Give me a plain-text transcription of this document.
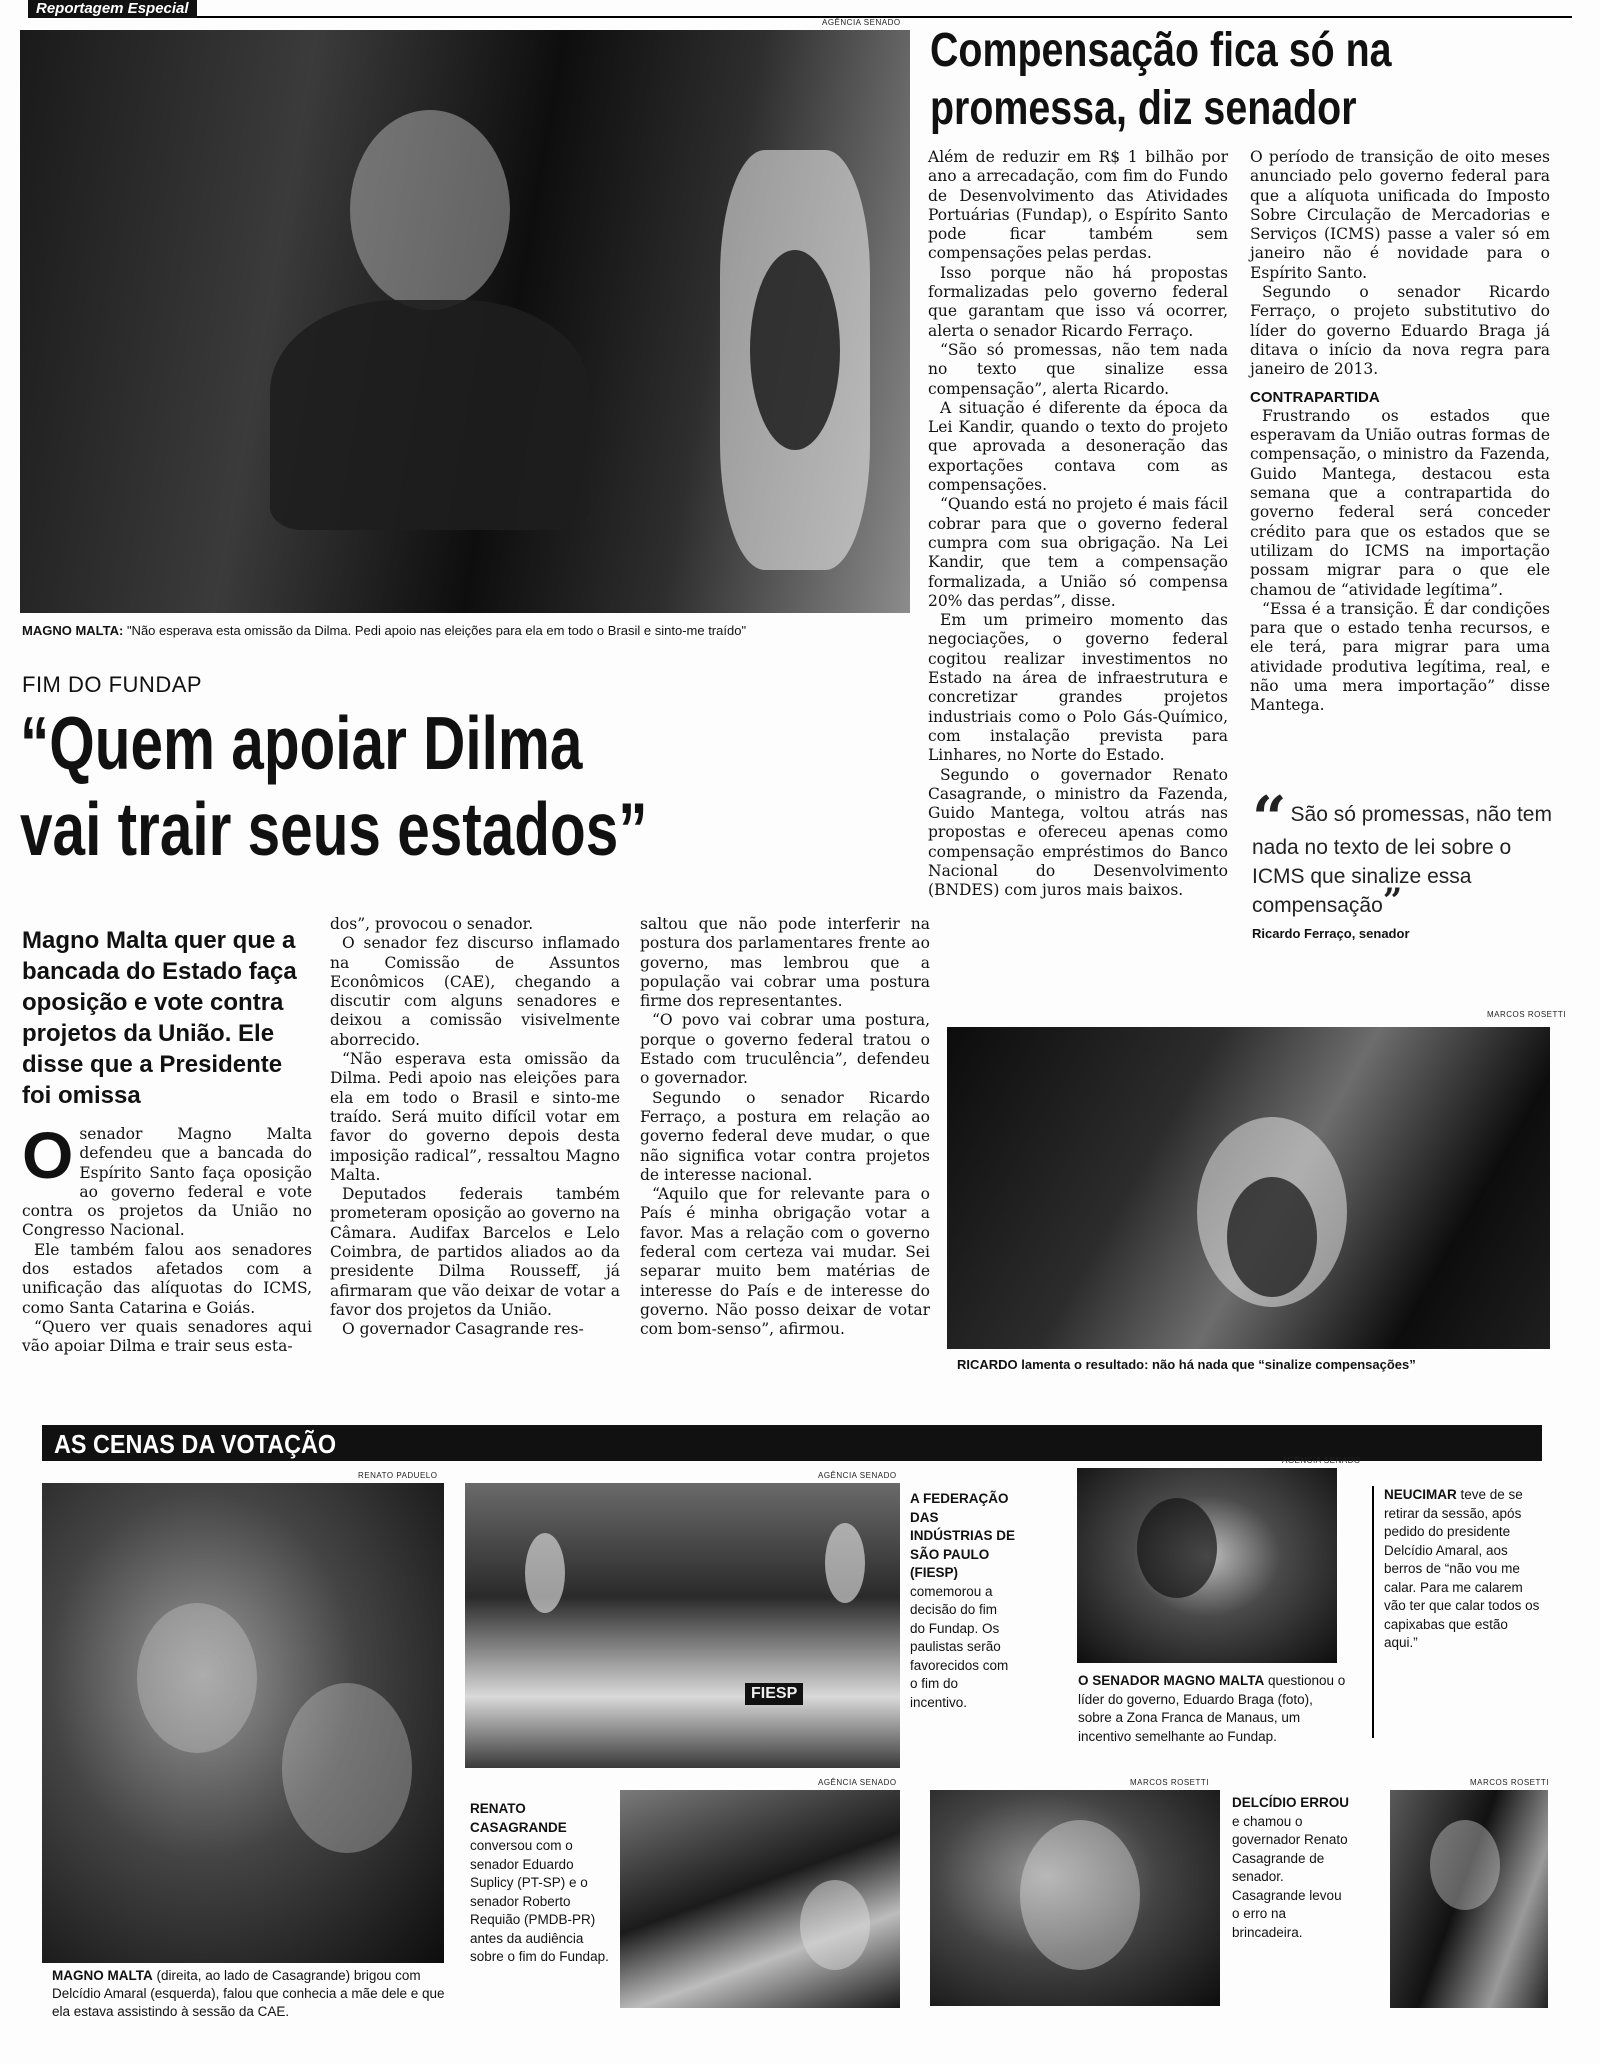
Reportagem Especial
AGÊNCIA SENADO
MAGNO MALTA: "Não esperava esta omissão da Dilma. Pedi apoio nas eleições para ela em todo o Brasil e sinto-me traído"
FIM DO FUNDAP
“Quem apoiar Dilma
vai trair seus estados”
Magno Malta quer que a bancada do Estado faça oposição e vote contra projetos da União. Ele disse que a Presidente foi omissa
O senador Magno Malta defendeu que a bancada do Espírito Santo faça oposição ao governo federal e vote contra os projetos da União no Congresso Nacional.

Ele também falou aos senadores dos estados afetados com a unificação das alíquotas do ICMS, como Santa Catarina e Goiás.

“Quero ver quais senadores aqui vão apoiar Dilma e trair seus esta-

dos”, provocou o senador.

O senador fez discurso inflamado na Comissão de Assuntos Econômicos (CAE), chegando a discutir com alguns senadores e deixou a comissão visivelmente aborrecido.

“Não esperava esta omissão da Dilma. Pedi apoio nas eleições para ela em todo o Brasil e sinto-me traído. Será muito difícil votar em favor do governo depois desta imposição radical”, ressaltou Magno Malta.

Deputados federais também prometeram oposição ao governo na Câmara. Audifax Barcelos e Lelo Coimbra, de partidos aliados ao da presidente Dilma Rousseff, já afirmaram que vão deixar de votar a favor dos projetos da União.

O governador Casagrande res-

saltou que não pode interferir na postura dos parlamentares frente ao governo, mas lembrou que a população vai cobrar uma postura firme dos representantes.

“O povo vai cobrar uma postura, porque o governo federal tratou o Estado com truculência”, defendeu o governador.

Segundo o senador Ricardo Ferraço, a postura em relação ao governo federal deve mudar, o que não significa votar contra projetos de interesse nacional.

“Aquilo que for relevante para o País é minha obrigação votar a favor. Mas a relação com o governo federal com certeza vai mudar. Sei separar muito bem matérias de interesse do País e de interesse do governo. Não posso deixar de votar com bom-senso”, afirmou.

Compensação fica só na
promessa, diz senador
Além de reduzir em R$ 1 bilhão por ano a arrecadação, com fim do Fundo de Desenvolvimento das Atividades Portuárias (Fundap), o Espírito Santo pode ficar também sem compensações pelas perdas.

Isso porque não há propostas formalizadas pelo governo federal que garantam que isso vá ocorrer, alerta o senador Ricardo Ferraço.

“São só promessas, não tem nada no texto que sinalize essa compensação”, alerta Ricardo.

A situação é diferente da época da Lei Kandir, quando o texto do projeto que aprovada a desoneração das exportações contava com as compensações.

“Quando está no projeto é mais fácil cobrar para que o governo federal cumpra com sua obrigação. Na Lei Kandir, que tem a compensação formalizada, a União só compensa 20% das perdas”, disse.

Em um primeiro momento das negociações, o governo federal cogitou realizar investimentos no Estado na área de infraestrutura e concretizar grandes projetos industriais como o Polo Gás-Químico, com instalação prevista para Linhares, no Norte do Estado.

Segundo o governador Renato Casagrande, o ministro da Fazenda, Guido Mantega, voltou atrás nas propostas e ofereceu apenas como compensação empréstimos do Banco Nacional do Desenvolvimento (BNDES) com juros mais baixos.

O período de transição de oito meses anunciado pelo governo federal para que a alíquota unificada do Imposto Sobre Circulação de Mercadorias e Serviços (ICMS) passe a valer só em janeiro não é novidade para o Espírito Santo.

Segundo o senador Ricardo Ferraço, o projeto substitutivo do líder do governo Eduardo Braga já ditava o início da nova regra para janeiro de 2013.

CONTRAPARTIDA

Frustrando os estados que esperavam da União outras formas de compensação, o ministro da Fazenda, Guido Mantega, destacou esta semana que a contrapartida do governo federal será conceder crédito para que os estados que se utilizam do ICMS na importação possam migrar para o que ele chamou de “atividade legítima”.

“Essa é a transição. É dar condições para que o estado tenha recursos, e ele terá, para migrar para uma atividade produtiva legítima, real, e não uma mera importação” disse Mantega.

“ São só promessas, não tem nada no texto de lei sobre o ICMS que sinalize essa compensação”
Ricardo Ferraço, senador
MARCOS ROSETTI
RICARDO lamenta o resultado: não há nada que “sinalize compensações”
AS CENAS DA VOTAÇÃO
RENATO PADUELO
MAGNO MALTA (direita, ao lado de Casagrande) brigou com Delcídio Amaral (esquerda), falou que conhecia a mãe dele e que ela estava assistindo à sessão da CAE.
AGÊNCIA SENADO
FIESP
A FEDERAÇÃO DAS INDÚSTRIAS DE SÃO PAULO (FIESP) comemorou a decisão do fim do Fundap. Os paulistas serão favorecidos com o fim do incentivo.
AGÊNCIA SENADO
O SENADOR MAGNO MALTA questionou o líder do governo, Eduardo Braga (foto), sobre a Zona Franca de Manaus, um incentivo semelhante ao Fundap.
NEUCIMAR teve de se retirar da sessão, após pedido do presidente Delcídio Amaral, aos berros de “não vou me calar. Para me calarem vão ter que calar todos os capixabas que estão aqui.”
RENATO CASAGRANDE conversou com o senador Eduardo Suplicy (PT-SP) e o senador Roberto Requião (PMDB-PR) antes da audiência sobre o fim do Fundap.
AGÊNCIA SENADO	MARCOS ROSETTI
DELCÍDIO ERROU e chamou o governador Renato Casagrande de senador. Casagrande levou o erro na brincadeira.
MARCOS ROSETTI
